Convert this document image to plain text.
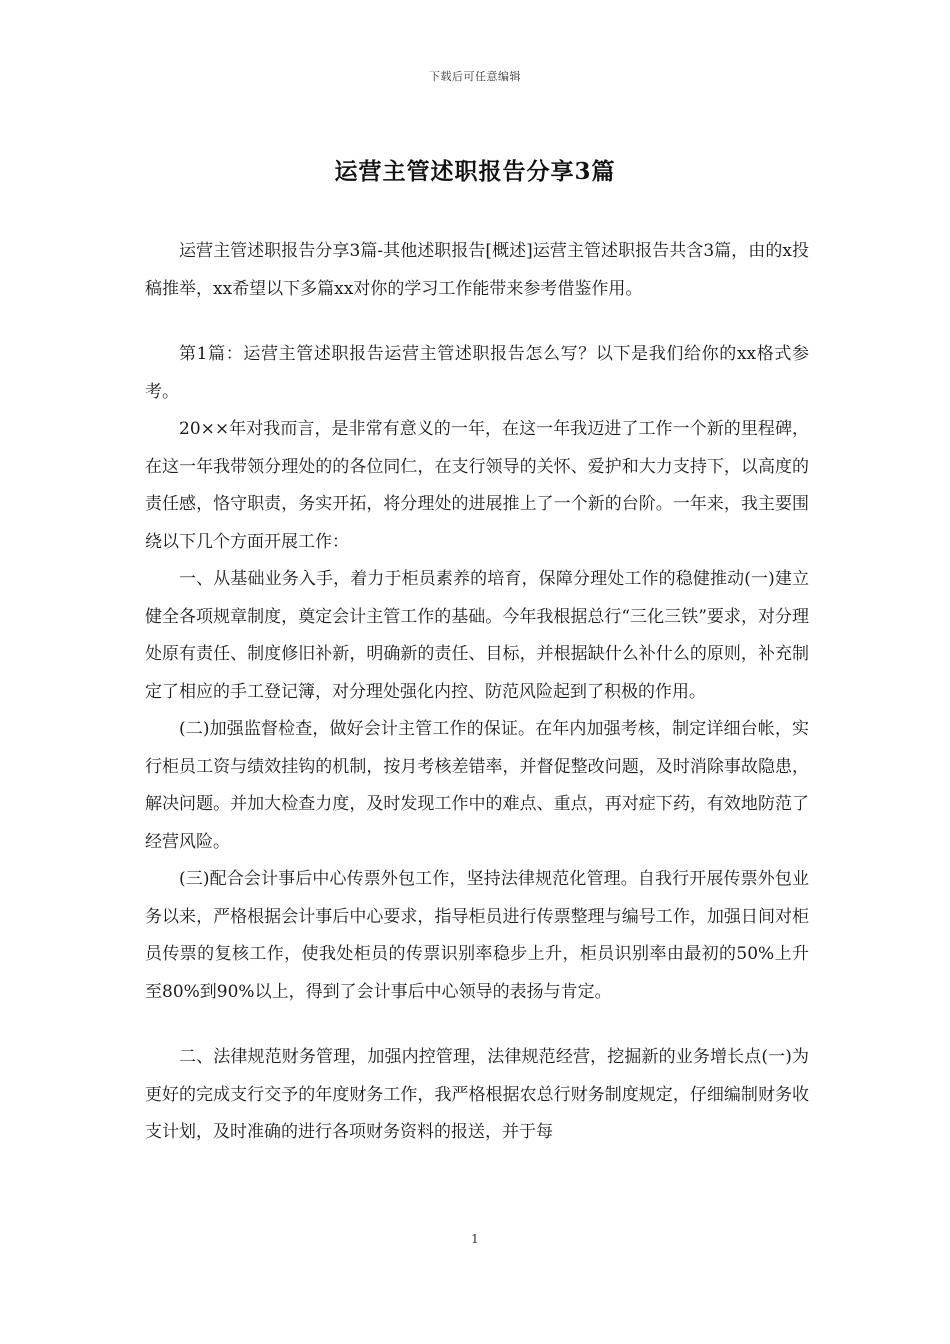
下载后可任意编辑
运营主管述职报告分享3篇

运营主管述职报告分享3篇-其他述职报告[概述]运营主管述职报告共含3篇，由的x投稿推举，xx希望以下多篇xx对你的学习工作能带来参考借鉴作用。

第1篇：运营主管述职报告运营主管述职报告怎么写？以下是我们给你的xx格式参考。

20××年对我而言，是非常有意义的一年，在这一年我迈进了工作一个新的里程碑，在这一年我带领分理处的的各位同仁，在支行领导的关怀、爱护和大力支持下，以高度的责任感，恪守职责，务实开拓，将分理处的进展推上了一个新的台阶。一年来，我主要围绕以下几个方面开展工作：

一、从基础业务入手，着力于柜员素养的培育，保障分理处工作的稳健推动(一)建立健全各项规章制度，奠定会计主管工作的基础。今年我根据总行“三化三铁”要求，对分理处原有责任、制度修旧补新，明确新的责任、目标，并根据缺什么补什么的原则，补充制定了相应的手工登记簿，对分理处强化内控、防范风险起到了积极的作用。

(二)加强监督检查，做好会计主管工作的保证。在年内加强考核，制定详细台帐，实行柜员工资与绩效挂钩的机制，按月考核差错率，并督促整改问题，及时消除事故隐患，解决问题。并加大检查力度，及时发现工作中的难点、重点，再对症下药，有效地防范了经营风险。

(三)配合会计事后中心传票外包工作，坚持法律规范化管理。自我行开展传票外包业务以来，严格根据会计事后中心要求，指导柜员进行传票整理与编号工作，加强日间对柜员传票的复核工作，使我处柜员的传票识别率稳步上升，柜员识别率由最初的50%上升至80%到90%以上，得到了会计事后中心领导的表扬与肯定。

二、法律规范财务管理，加强内控管理，法律规范经营，挖掘新的业务增长点(一)为更好的完成支行交予的年度财务工作，我严格根据农总行财务制度规定，仔细编制财务收支计划，及时准确的进行各项财务资料的报送，并于每

1
